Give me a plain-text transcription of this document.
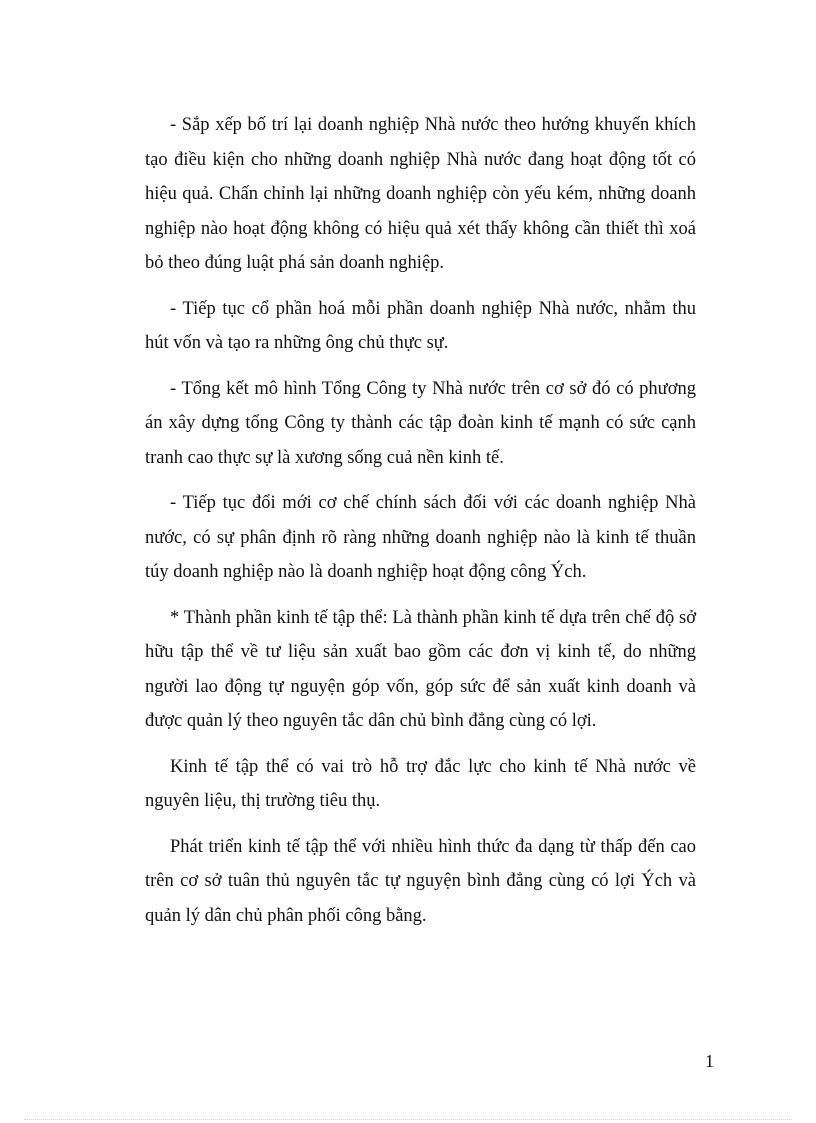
- Sắp xếp bố trí lại doanh nghiệp Nhà nước theo hướng khuyến khích tạo điều kiện cho những doanh nghiệp Nhà nước đang hoạt động tốt có hiệu quả. Chấn chỉnh lại những doanh nghiệp còn yếu kém, những doanh nghiệp nào hoạt động không có hiệu quả xét thấy không cần thiết thì xoá bỏ theo đúng luật phá sản doanh nghiệp.

- Tiếp tục cổ phần hoá mỗi phần doanh nghiệp Nhà nước, nhằm thu hút vốn và tạo ra những ông chủ thực sự.

- Tổng kết mô hình Tổng Công ty Nhà nước trên cơ sở đó có phương án xây dựng tổng Công ty thành các tập đoàn kinh tế mạnh có sức cạnh tranh cao thực sự là xương sống cuả nền kinh tế.

- Tiếp tục đổi mới cơ chế chính sách đối với các doanh nghiệp Nhà nước, có sự phân định rõ ràng những doanh nghiệp nào là kinh tế thuần túy doanh nghiệp nào là doanh nghiệp hoạt động công Ých.

* Thành phần kinh tế tập thể: Là thành phần kinh tế dựa trên chế độ sở hữu tập thể về tư liệu sản xuất bao gồm các đơn vị kinh tế, do những người lao động tự nguyện góp vốn, góp sức để sản xuất kinh doanh và được quản lý theo nguyên tắc dân chủ bình đẳng cùng có lợi.

Kinh tế tập thể có vai trò hỗ trợ đắc lực cho kinh tế Nhà nước về nguyên liệu, thị trường tiêu thụ.

Phát triển kinh tế tập thể với nhiều hình thức đa dạng từ thấp đến cao trên cơ sở tuân thủ nguyên tắc tự nguyện bình đẳng cùng có lợi Ých và quản lý dân chủ phân phối công bằng.

1
